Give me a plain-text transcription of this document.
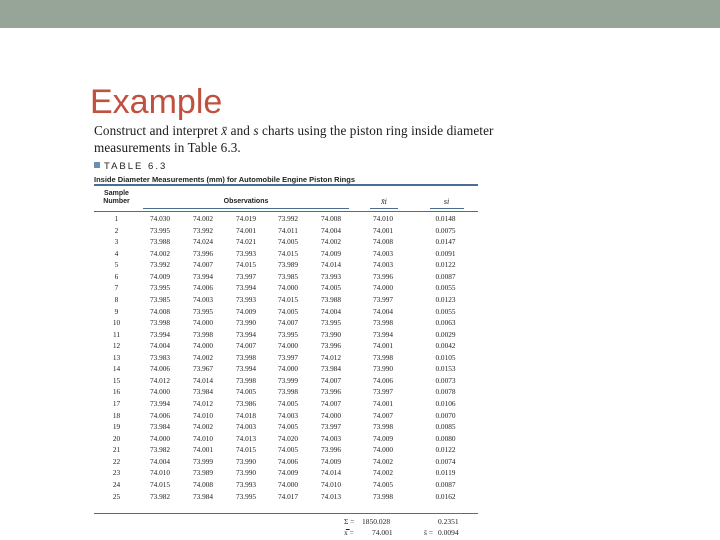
Example
Construct and interpret x̄ and s charts using the piston ring inside diameter measurements in Table 6.3.
TABLE 6.3
Inside Diameter Measurements (mm) for Automobile Engine Piston Rings
Sample Number	Observations	x̄i	si
1	74.030	74.002	74.019	73.992	74.008	74.010	0.0148
2	73.995	73.992	74.001	74.011	74.004	74.001	0.0075
3	73.988	74.024	74.021	74.005	74.002	74.008	0.0147
4	74.002	73.996	73.993	74.015	74.009	74.003	0.0091
5	73.992	74.007	74.015	73.989	74.014	74.003	0.0122
6	74.009	73.994	73.997	73.985	73.993	73.996	0.0087
7	73.995	74.006	73.994	74.000	74.005	74.000	0.0055
8	73.985	74.003	73.993	74.015	73.988	73.997	0.0123
9	74.008	73.995	74.009	74.005	74.004	74.004	0.0055
10	73.998	74.000	73.990	74.007	73.995	73.998	0.0063
11	73.994	73.998	73.994	73.995	73.990	73.994	0.0029
12	74.004	74.000	74.007	74.000	73.996	74.001	0.0042
13	73.983	74.002	73.998	73.997	74.012	73.998	0.0105
14	74.006	73.967	73.994	74.000	73.984	73.990	0.0153
15	74.012	74.014	73.998	73.999	74.007	74.006	0.0073
16	74.000	73.984	74.005	73.998	73.996	73.997	0.0078
17	73.994	74.012	73.986	74.005	74.007	74.001	0.0106
18	74.006	74.010	74.018	74.003	74.000	74.007	0.0070
19	73.984	74.002	74.003	74.005	73.997	73.998	0.0085
20	74.000	74.010	74.013	74.020	74.003	74.009	0.0080
21	73.982	74.001	74.015	74.005	73.996	74.000	0.0122
22	74.004	73.999	73.990	74.006	74.009	74.002	0.0074
23	74.010	73.989	73.990	74.009	74.014	74.002	0.0119
24	74.015	74.008	73.993	74.000	74.010	74.005	0.0087
25	73.982	73.984	73.995	74.017	74.013	73.998	0.0162
Σ = 1850.028	0.2351
x̿ = 74.001	s̄ = 0.0094
